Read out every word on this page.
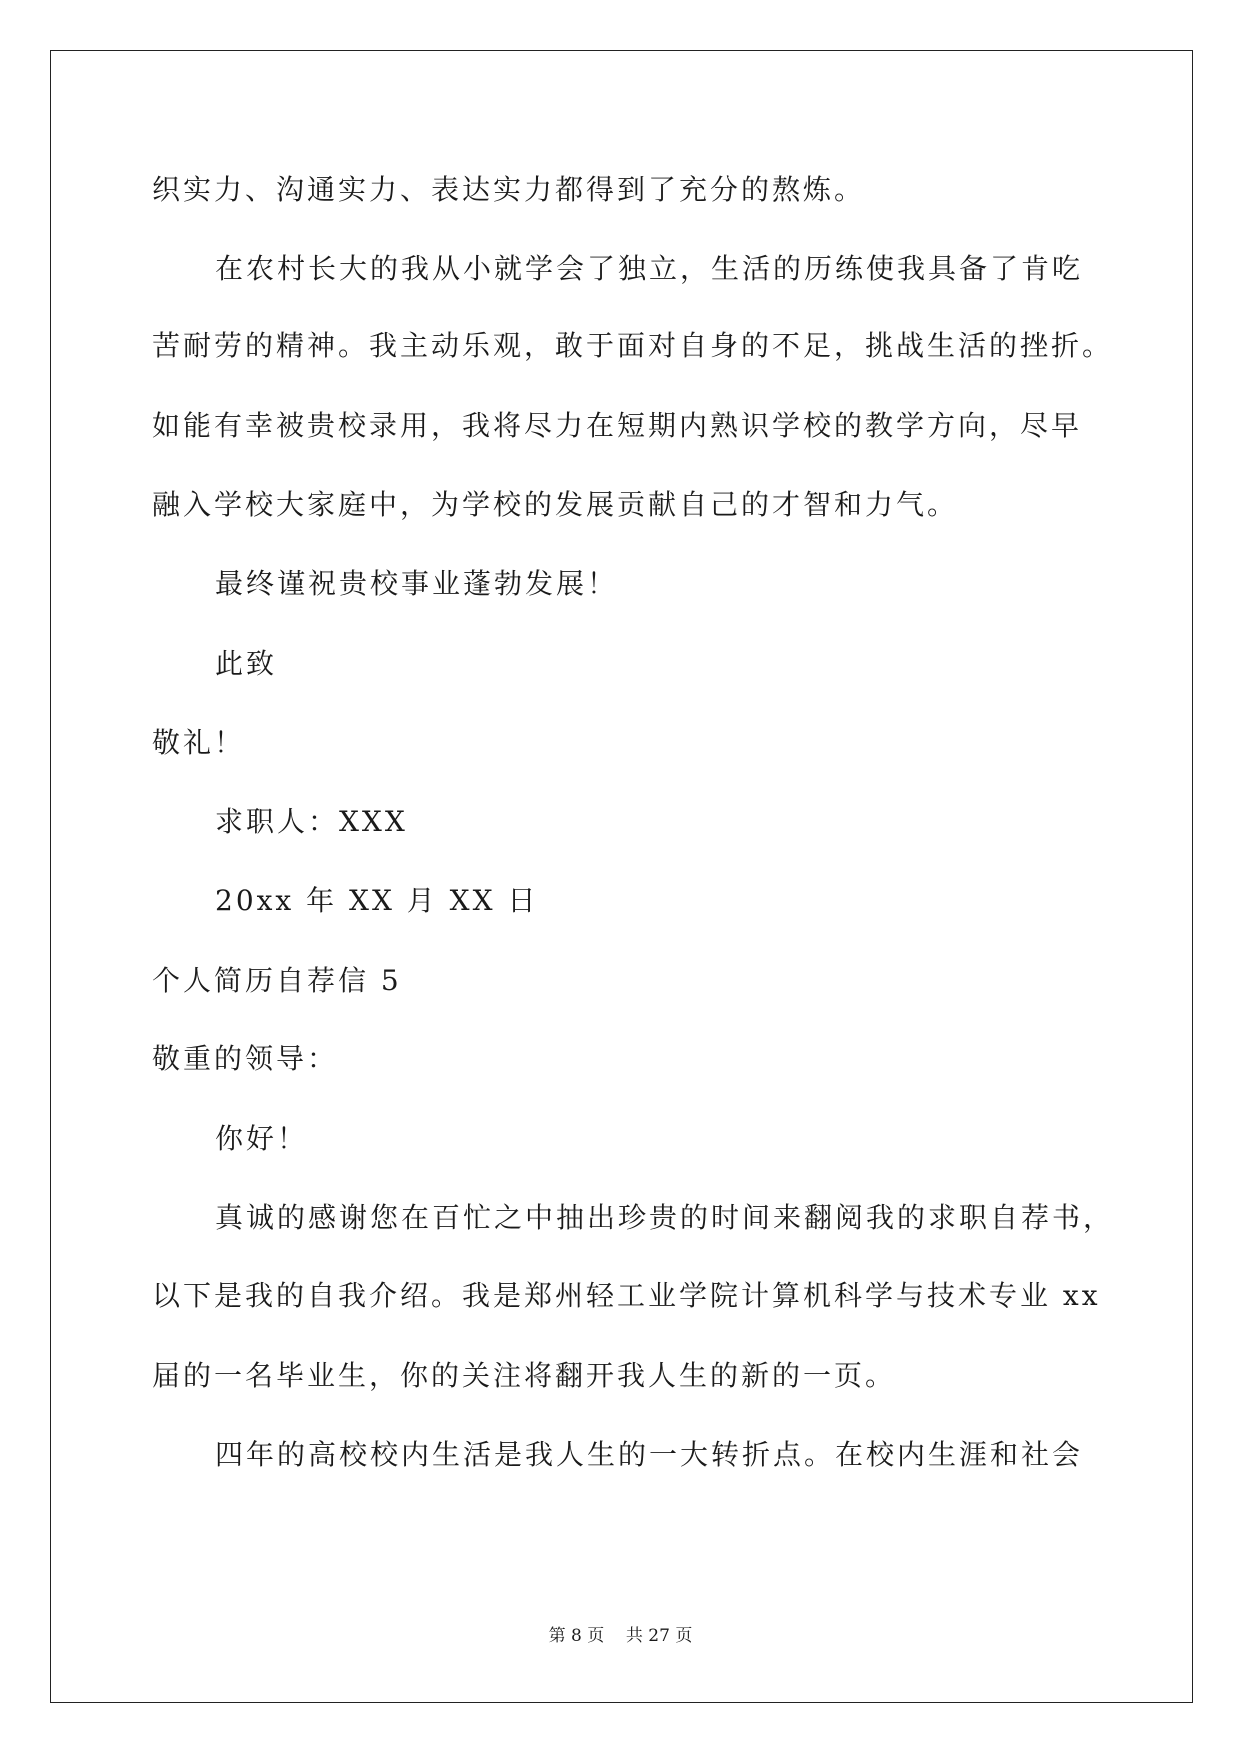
织实力、沟通实力、表达实力都得到了充分的熬炼。
在农村长大的我从小就学会了独立，生活的历练使我具备了肯吃
苦耐劳的精神。我主动乐观，敢于面对自身的不足，挑战生活的挫折。
如能有幸被贵校录用，我将尽力在短期内熟识学校的教学方向，尽早
融入学校大家庭中，为学校的发展贡献自己的才智和力气。
最终谨祝贵校事业蓬勃发展！
此致
敬礼！
求职人：XXX
20xx 年 XX 月 XX 日
个人简历自荐信 5
敬重的领导：
你好！
真诚的感谢您在百忙之中抽出珍贵的时间来翻阅我的求职自荐书，
以下是我的自我介绍。我是郑州轻工业学院计算机科学与技术专业 xx
届的一名毕业生，你的关注将翻开我人生的新的一页。
四年的高校校内生活是我人生的一大转折点。在校内生涯和社会
第 8 页    共 27 页
